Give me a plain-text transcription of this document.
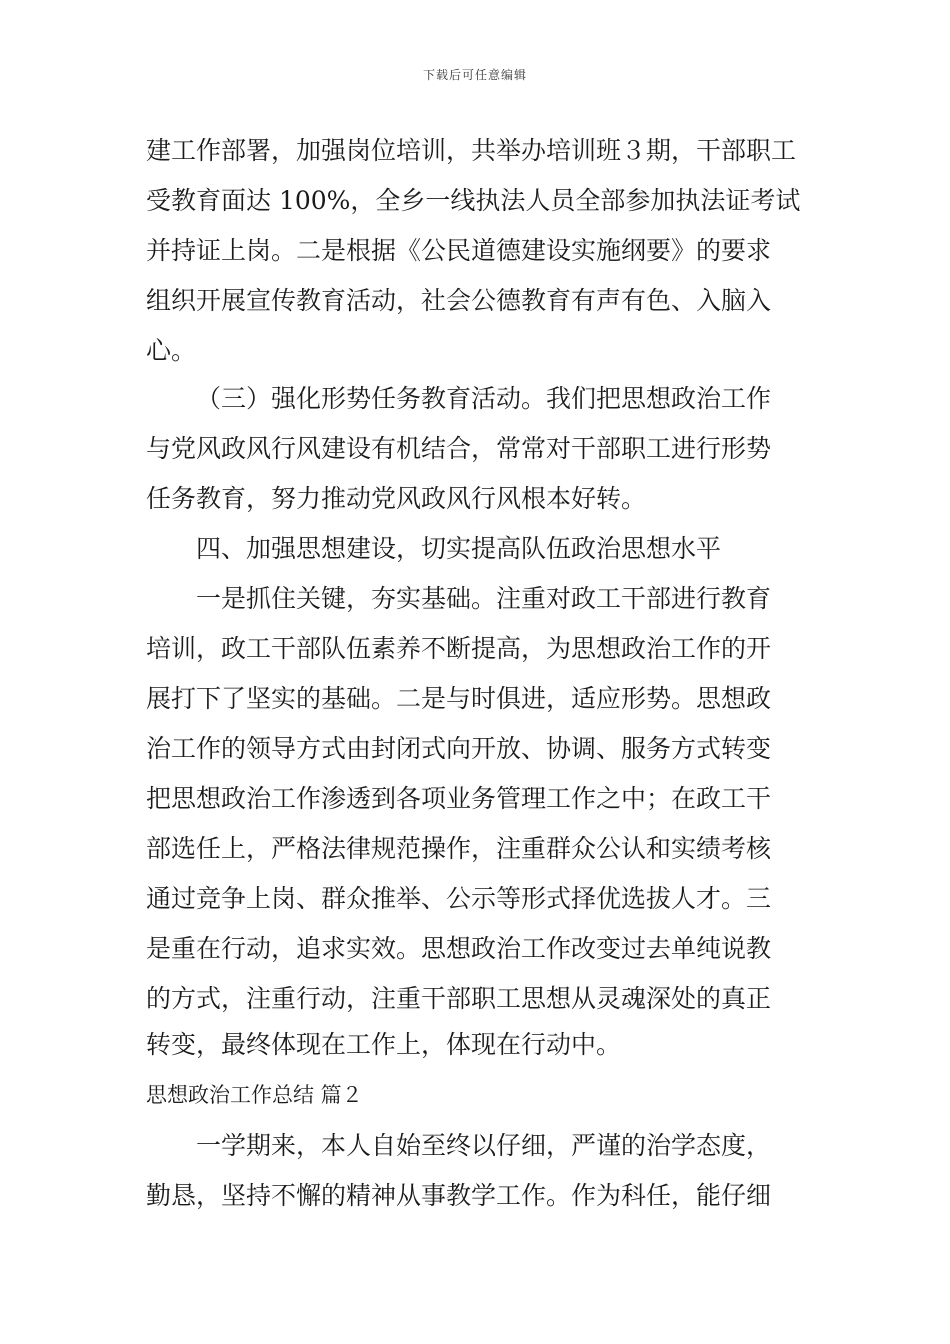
下载后可任意编辑
建工作部署，加强岗位培训，共举办培训班３期，干部职工
受教育面达 100%，全乡一线执法人员全部参加执法证考试
并持证上岗。二是根据《公民道德建设实施纲要》的要求
组织开展宣传教育活动，社会公德教育有声有色、入脑入
心。
（三）强化形势任务教育活动。我们把思想政治工作
与党风政风行风建设有机结合，常常对干部职工进行形势
任务教育，努力推动党风政风行风根本好转。
四、加强思想建设，切实提高队伍政治思想水平
一是抓住关键，夯实基础。注重对政工干部进行教育
培训，政工干部队伍素养不断提高，为思想政治工作的开
展打下了坚实的基础。二是与时俱进，适应形势。思想政
治工作的领导方式由封闭式向开放、协调、服务方式转变
把思想政治工作渗透到各项业务管理工作之中；在政工干
部选任上，严格法律规范操作，注重群众公认和实绩考核
通过竞争上岗、群众推举、公示等形式择优选拔人才。三
是重在行动，追求实效。思想政治工作改变过去单纯说教
的方式，注重行动，注重干部职工思想从灵魂深处的真正
转变，最终体现在工作上，体现在行动中。
思想政治工作总结 篇２
一学期来，本人自始至终以仔细，严谨的治学态度，
勤恳，坚持不懈的精神从事教学工作。作为科任，能仔细
